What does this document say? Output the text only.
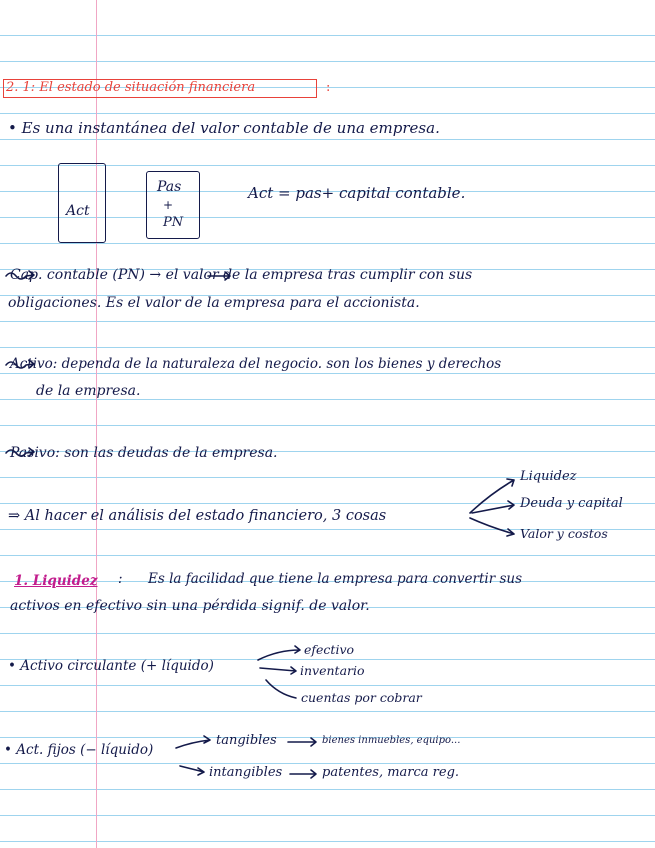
2. 1: El estado de situación financiera	:
• Es una instantánea del valor contable de una empresa.
Act
Pas
+
PN
Act = pas+ capital contable.
Cap. contable (PN) → el valor de la empresa tras cumplir con sus
obligaciones. Es el valor de la empresa para el accionista.
Activo: dependa de la naturaleza del negocio. son los bienes y derechos
de la empresa.
Pasivo: son las deudas de la empresa.
⇒ Al hacer el análisis del estado financiero, 3 cosas
Liquidez
Deuda y capital
Valor y costos
1. Liquidez : Es la facilidad que tiene la empresa para convertir sus
activos en efectivo sin una pérdida signif. de valor.
• Activo circulante (+ líquido)
efectivo
inventario
cuentas por cobrar
• Act. fijos (− líquido)
tangibles	bienes inmuebles, equipo...
intangibles	patentes, marca reg.
